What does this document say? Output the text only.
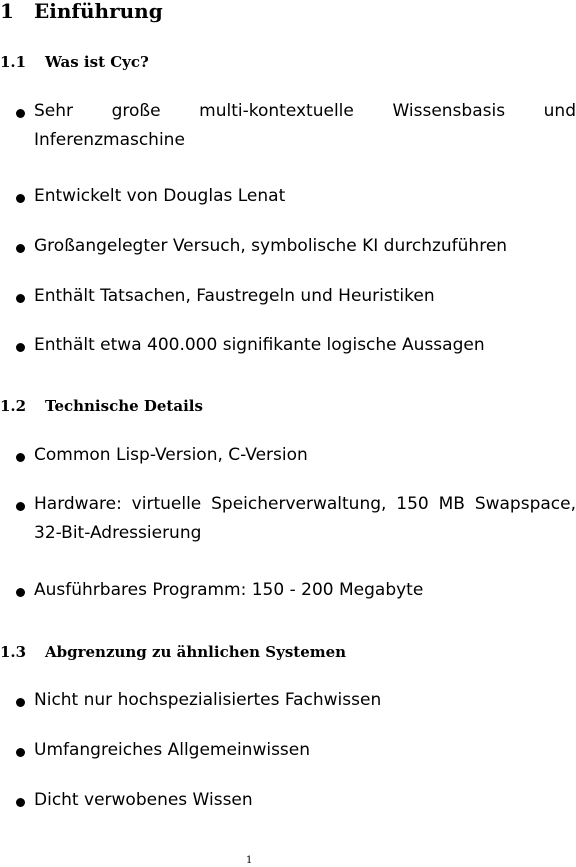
1 Einführung
1.1 Was ist Cyc?
Sehr große multi-kontextuelle Wissensbasis und Inferenzmaschine
Entwickelt von Douglas Lenat
Großangelegter Versuch, symbolische KI durchzuführen
Enthält Tatsachen, Faustregeln und Heuristiken
Enthält etwa 400.000 signifikante logische Aussagen
1.2 Technische Details
Common Lisp-Version, C-Version
Hardware: virtuelle Speicherverwaltung, 150 MB Swapspace, 32-Bit-Adressierung
Ausführbares Programm: 150 - 200 Megabyte
1.3 Abgrenzung zu ähnlichen Systemen
Nicht nur hochspezialisiertes Fachwissen
Umfangreiches Allgemeinwissen
Dicht verwobenes Wissen
1
